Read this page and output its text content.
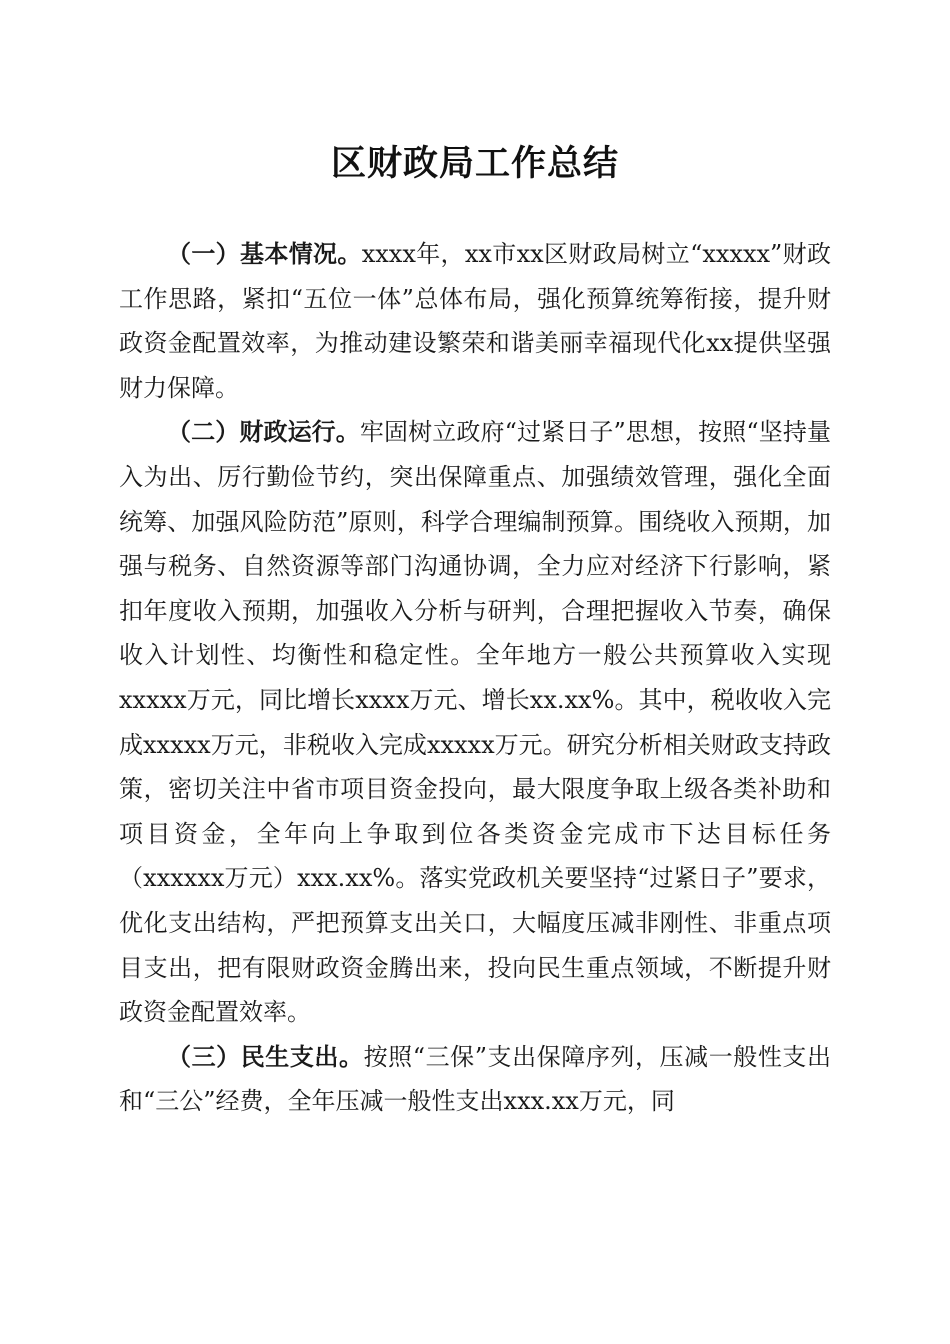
区财政局工作总结

（一）基本情况。xxxx年，xx市xx区财政局树立“xxxxx”财政工作思路，紧扣“五位一体”总体布局，强化预算统筹衔接，提升财政资金配置效率，为推动建设繁荣和谐美丽幸福现代化xx提供坚强财力保障。

（二）财政运行。牢固树立政府“过紧日子”思想，按照“坚持量入为出、厉行勤俭节约，突出保障重点、加强绩效管理，强化全面统筹、加强风险防范”原则，科学合理编制预算。围绕收入预期，加强与税务、自然资源等部门沟通协调，全力应对经济下行影响，紧扣年度收入预期，加强收入分析与研判，合理把握收入节奏，确保收入计划性、均衡性和稳定性。全年地方一般公共预算收入实现xxxxx万元，同比增长xxxx万元、增长xx.xx%。其中，税收收入完成xxxxx万元，非税收入完成xxxxx万元。研究分析相关财政支持政策，密切关注中省市项目资金投向，最大限度争取上级各类补助和项目资金，全年向上争取到位各类资金完成市下达目标任务（xxxxxx万元）xxx.xx%。落实党政机关要坚持“过紧日子”要求，优化支出结构，严把预算支出关口，大幅度压减非刚性、非重点项目支出，把有限财政资金腾出来，投向民生重点领域，不断提升财政资金配置效率。

（三）民生支出。按照“三保”支出保障序列，压减一般性支出和“三公”经费，全年压减一般性支出xxx.xx万元，同
